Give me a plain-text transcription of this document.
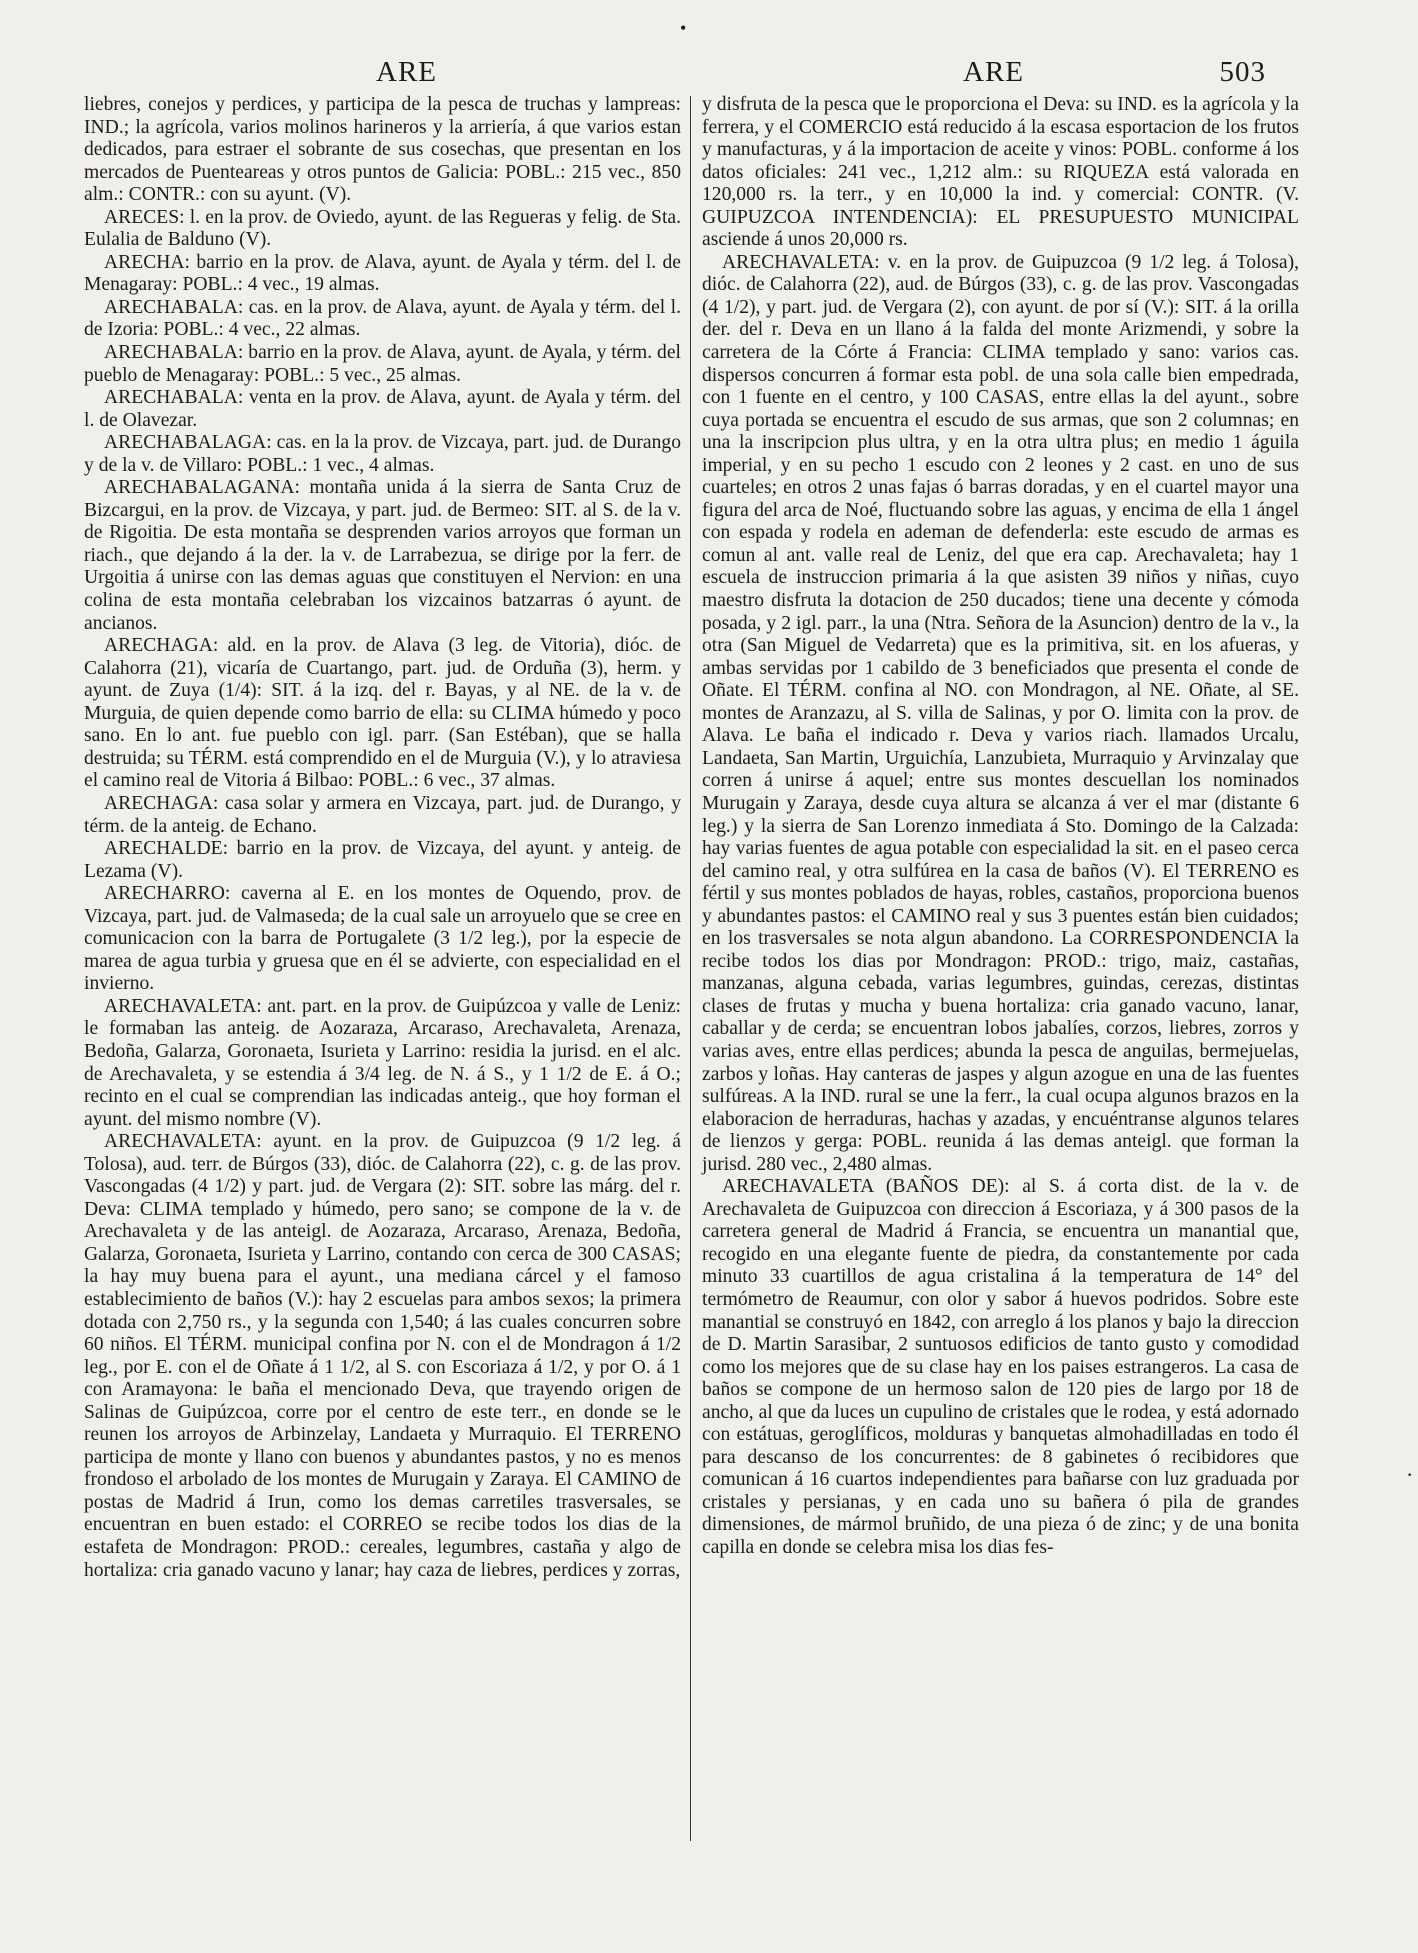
•
ARE	ARE	503

liebres, conejos y perdices, y participa de la pesca de truchas y lampreas: IND.; la agrícola, varios molinos harineros y la arriería, á que varios estan dedicados, para estraer el sobrante de sus cosechas, que presentan en los mercados de Puenteareas y otros puntos de Galicia: POBL.: 215 vec., 850 alm.: CONTR.: con su ayunt. (V).

ARECES: l. en la prov. de Oviedo, ayunt. de las Regueras y felig. de Sta. Eulalia de Balduno (V).

ARECHA: barrio en la prov. de Alava, ayunt. de Ayala y térm. del l. de Menagaray: POBL.: 4 vec., 19 almas.

ARECHABALA: cas. en la prov. de Alava, ayunt. de Ayala y térm. del l. de Izoria: POBL.: 4 vec., 22 almas.

ARECHABALA: barrio en la prov. de Alava, ayunt. de Ayala, y térm. del pueblo de Menagaray: POBL.: 5 vec., 25 almas.

ARECHABALA: venta en la prov. de Alava, ayunt. de Ayala y térm. del l. de Olavezar.

ARECHABALAGA: cas. en la la prov. de Vizcaya, part. jud. de Durango y de la v. de Villaro: POBL.: 1 vec., 4 almas.

ARECHABALAGANA: montaña unida á la sierra de Santa Cruz de Bizcargui, en la prov. de Vizcaya, y part. jud. de Bermeo: SIT. al S. de la v. de Rigoitia. De esta montaña se desprenden varios arroyos que forman un riach., que dejando á la der. la v. de Larrabezua, se dirige por la ferr. de Urgoitia á unirse con las demas aguas que constituyen el Nervion: en una colina de esta montaña celebraban los vizcainos batzarras ó ayunt. de ancianos.

ARECHAGA: ald. en la prov. de Alava (3 leg. de Vitoria), dióc. de Calahorra (21), vicaría de Cuartango, part. jud. de Orduña (3), herm. y ayunt. de Zuya (1/4): SIT. á la izq. del r. Bayas, y al NE. de la v. de Murguia, de quien depende como barrio de ella: su CLIMA húmedo y poco sano. En lo ant. fue pueblo con igl. parr. (San Estéban), que se halla destruida; su TÉRM. está comprendido en el de Murguia (V.), y lo atraviesa el camino real de Vitoria á Bilbao: POBL.: 6 vec., 37 almas.

ARECHAGA: casa solar y armera en Vizcaya, part. jud. de Durango, y térm. de la anteig. de Echano.

ARECHALDE: barrio en la prov. de Vizcaya, del ayunt. y anteig. de Lezama (V).

ARECHARRO: caverna al E. en los montes de Oquendo, prov. de Vizcaya, part. jud. de Valmaseda; de la cual sale un arroyuelo que se cree en comunicacion con la barra de Portugalete (3 1/2 leg.), por la especie de marea de agua turbia y gruesa que en él se advierte, con especialidad en el invierno.

ARECHAVALETA: ant. part. en la prov. de Guipúzcoa y valle de Leniz: le formaban las anteig. de Aozaraza, Arcaraso, Arechavaleta, Arenaza, Bedoña, Galarza, Goronaeta, Isurieta y Larrino: residia la jurisd. en el alc. de Arechavaleta, y se estendia á 3/4 leg. de N. á S., y 1 1/2 de E. á O.; recinto en el cual se comprendian las indicadas anteig., que hoy forman el ayunt. del mismo nombre (V).

ARECHAVALETA: ayunt. en la prov. de Guipuzcoa (9 1/2 leg. á Tolosa), aud. terr. de Búrgos (33), dióc. de Calahorra (22), c. g. de las prov. Vascongadas (4 1/2) y part. jud. de Vergara (2): SIT. sobre las márg. del r. Deva: CLIMA templado y húmedo, pero sano; se compone de la v. de Arechavaleta y de las anteigl. de Aozaraza, Arcaraso, Arenaza, Bedoña, Galarza, Goronaeta, Isurieta y Larrino, contando con cerca de 300 CASAS; la hay muy buena para el ayunt., una mediana cárcel y el famoso establecimiento de baños (V.): hay 2 escuelas para ambos sexos; la primera dotada con 2,750 rs., y la segunda con 1,540; á las cuales concurren sobre 60 niños. El TÉRM. municipal confina por N. con el de Mondragon á 1/2 leg., por E. con el de Oñate á 1 1/2, al S. con Escoriaza á 1/2, y por O. á 1 con Aramayona: le baña el mencionado Deva, que trayendo origen de Salinas de Guipúzcoa, corre por el centro de este terr., en donde se le reunen los arroyos de Arbinzelay, Landaeta y Murraquio. El TERRENO participa de monte y llano con buenos y abundantes pastos, y no es menos frondoso el arbolado de los montes de Murugain y Zaraya. El CAMINO de postas de Madrid á Irun, como los demas carretiles trasversales, se encuentran en buen estado: el CORREO se recibe todos los dias de la estafeta de Mondragon: PROD.: cereales, legumbres, castaña y algo de hortaliza: cria ganado vacuno y lanar; hay caza de liebres, perdices y zorras,

y disfruta de la pesca que le proporciona el Deva: su IND. es la agrícola y la ferrera, y el COMERCIO está reducido á la escasa esportacion de los frutos y manufacturas, y á la importacion de aceite y vinos: POBL. conforme á los datos oficiales: 241 vec., 1,212 alm.: su RIQUEZA está valorada en 120,000 rs. la terr., y en 10,000 la ind. y comercial: CONTR. (V. GUIPUZCOA INTENDENCIA): EL PRESUPUESTO MUNICIPAL asciende á unos 20,000 rs.

ARECHAVALETA: v. en la prov. de Guipuzcoa (9 1/2 leg. á Tolosa), dióc. de Calahorra (22), aud. de Búrgos (33), c. g. de las prov. Vascongadas (4 1/2), y part. jud. de Vergara (2), con ayunt. de por sí (V.): SIT. á la orilla der. del r. Deva en un llano á la falda del monte Arizmendi, y sobre la carretera de la Córte á Francia: CLIMA templado y sano: varios cas. dispersos concurren á formar esta pobl. de una sola calle bien empedrada, con 1 fuente en el centro, y 100 CASAS, entre ellas la del ayunt., sobre cuya portada se encuentra el escudo de sus armas, que son 2 columnas; en una la inscripcion plus ultra, y en la otra ultra plus; en medio 1 águila imperial, y en su pecho 1 escudo con 2 leones y 2 cast. en uno de sus cuarteles; en otros 2 unas fajas ó barras doradas, y en el cuartel mayor una figura del arca de Noé, fluctuando sobre las aguas, y encima de ella 1 ángel con espada y rodela en ademan de defenderla: este escudo de armas es comun al ant. valle real de Leniz, del que era cap. Arechavaleta; hay 1 escuela de instruccion primaria á la que asisten 39 niños y niñas, cuyo maestro disfruta la dotacion de 250 ducados; tiene una decente y cómoda posada, y 2 igl. parr., la una (Ntra. Señora de la Asuncion) dentro de la v., la otra (San Miguel de Vedarreta) que es la primitiva, sit. en los afueras, y ambas servidas por 1 cabildo de 3 beneficiados que presenta el conde de Oñate. El TÉRM. confina al NO. con Mondragon, al NE. Oñate, al SE. montes de Aranzazu, al S. villa de Salinas, y por O. limita con la prov. de Alava. Le baña el indicado r. Deva y varios riach. llamados Urcalu, Landaeta, San Martin, Urguichía, Lanzubieta, Murraquio y Arvinzalay que corren á unirse á aquel; entre sus montes descuellan los nominados Murugain y Zaraya, desde cuya altura se alcanza á ver el mar (distante 6 leg.) y la sierra de San Lorenzo inmediata á Sto. Domingo de la Calzada: hay varias fuentes de agua potable con especialidad la sit. en el paseo cerca del camino real, y otra sulfúrea en la casa de baños (V). El TERRENO es fértil y sus montes poblados de hayas, robles, castaños, proporciona buenos y abundantes pastos: el CAMINO real y sus 3 puentes están bien cuidados; en los trasversales se nota algun abandono. La CORRESPONDENCIA la recibe todos los dias por Mondragon: PROD.: trigo, maiz, castañas, manzanas, alguna cebada, varias legumbres, guindas, cerezas, distintas clases de frutas y mucha y buena hortaliza: cria ganado vacuno, lanar, caballar y de cerda; se encuentran lobos jabalíes, corzos, liebres, zorros y varias aves, entre ellas perdices; abunda la pesca de anguilas, bermejuelas, zarbos y loñas. Hay canteras de jaspes y algun azogue en una de las fuentes sulfúreas. A la IND. rural se une la ferr., la cual ocupa algunos brazos en la elaboracion de herraduras, hachas y azadas, y encuéntranse algunos telares de lienzos y gerga: POBL. reunida á las demas anteigl. que forman la jurisd. 280 vec., 2,480 almas.

ARECHAVALETA (BAÑOS DE): al S. á corta dist. de la v. de Arechavaleta de Guipuzcoa con direccion á Escoriaza, y á 300 pasos de la carretera general de Madrid á Francia, se encuentra un manantial que, recogido en una elegante fuente de piedra, da constantemente por cada minuto 33 cuartillos de agua cristalina á la temperatura de 14° del termómetro de Reaumur, con olor y sabor á huevos podridos. Sobre este manantial se construyó en 1842, con arreglo á los planos y bajo la direccion de D. Martin Sarasibar, 2 suntuosos edificios de tanto gusto y comodidad como los mejores que de su clase hay en los paises estrangeros. La casa de baños se compone de un hermoso salon de 120 pies de largo por 18 de ancho, al que da luces un cupulino de cristales que le rodea, y está adornado con estátuas, geroglíficos, molduras y banquetas almohadilladas en todo él para descanso de los concurrentes: de 8 gabinetes ó recibidores que comunican á 16 cuartos independientes para bañarse con luz graduada por cristales y persianas, y en cada uno su bañera ó pila de grandes dimensiones, de mármol bruñido, de una pieza ó de zinc; y de una bonita capilla en donde se celebra misa los dias fes-

·
